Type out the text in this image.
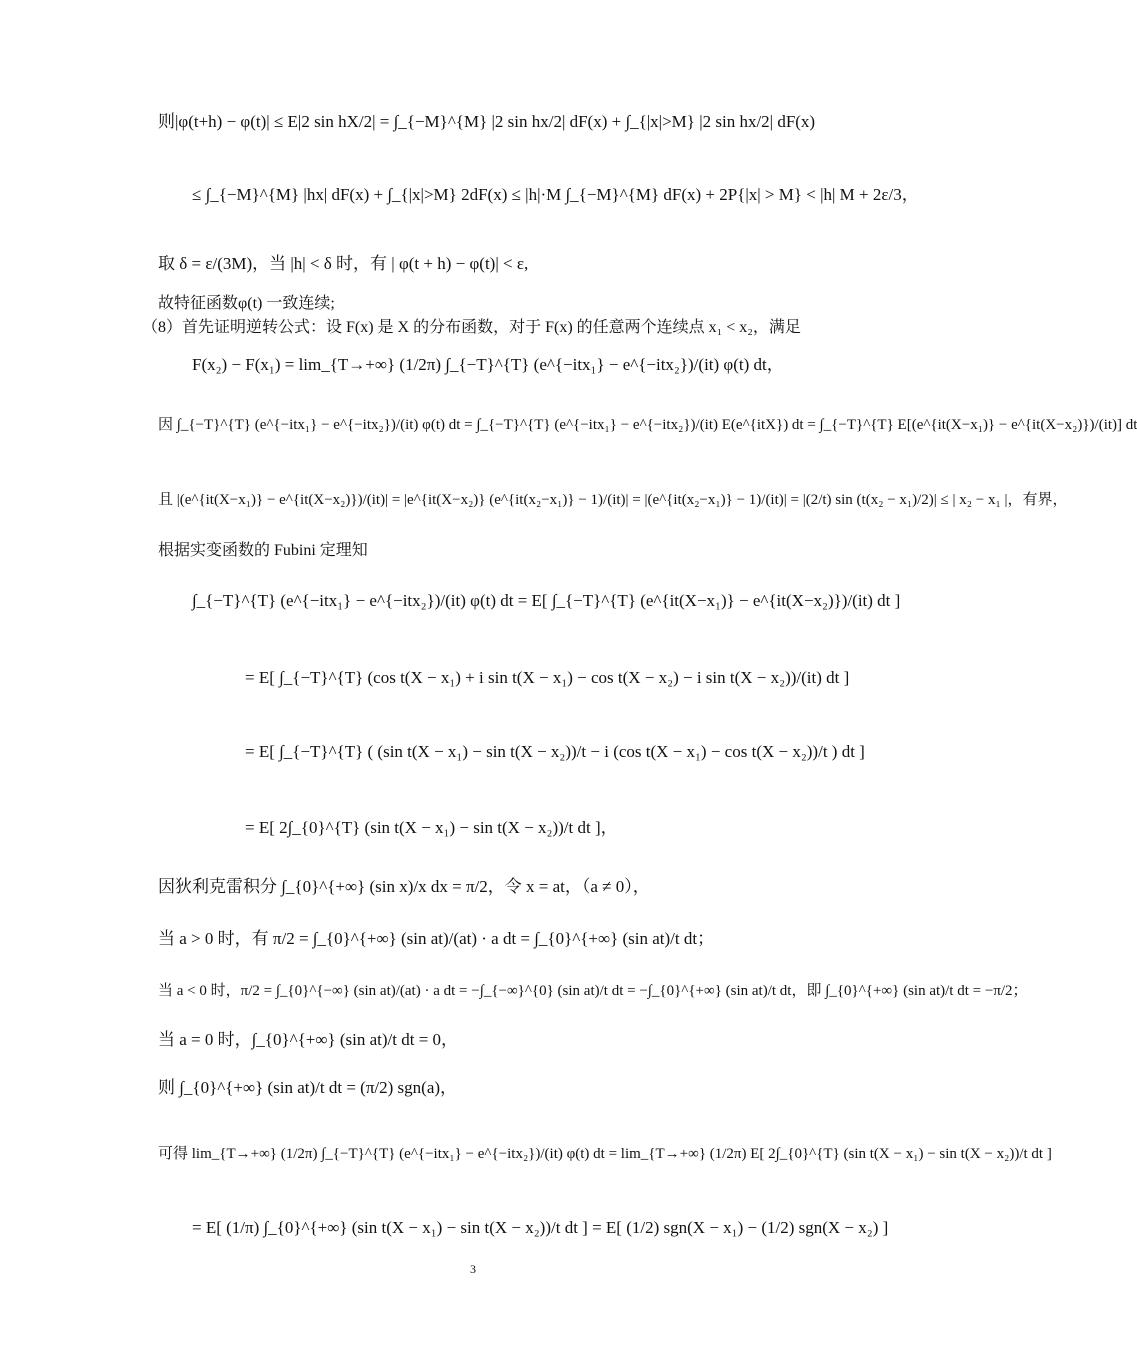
则|φ(t+h) − φ(t)| ≤ E|2 sin hX/2| = ∫_{−M}^{M} |2 sin hx/2| dF(x) + ∫_{|x|>M} |2 sin hx/2| dF(x)
≤ ∫_{−M}^{M} |hx| dF(x) + ∫_{|x|>M} 2dF(x) ≤ |h|·M ∫_{−M}^{M} dF(x) + 2P{|x| > M} < |h| M + 2ε/3，
取 δ = ε/(3M)，当 |h| < δ 时，有 | φ(t + h) − φ(t)| < ε,
故特征函数φ(t) 一致连续;
（8）首先证明逆转公式：设 F(x) 是 X 的分布函数，对于 F(x) 的任意两个连续点 x₁ < x₂，满足
F(x₂) − F(x₁) = lim_{T→+∞} (1/2π) ∫_{−T}^{T} (e^{−itx₁} − e^{−itx₂})/(it) φ(t) dt，
因 ∫_{−T}^{T} (e^{−itx₁} − e^{−itx₂})/(it) φ(t) dt = ∫_{−T}^{T} (e^{−itx₁} − e^{−itx₂})/(it) E(e^{itX}) dt = ∫_{−T}^{T} E[(e^{it(X−x₁)} − e^{it(X−x₂)})/(it)] dt
且 |(e^{it(X−x₁)} − e^{it(X−x₂)})/(it)| = |e^{it(X−x₂)} (e^{it(x₂−x₁)} − 1)/(it)| = |(e^{it(x₂−x₁)} − 1)/(it)| = |(2/t) sin (t(x₂ − x₁)/2)| ≤ | x₂ − x₁ |，有界，
根据实变函数的 Fubini 定理知
∫_{−T}^{T} (e^{−itx₁} − e^{−itx₂})/(it) φ(t) dt = E[ ∫_{−T}^{T} (e^{it(X−x₁)} − e^{it(X−x₂)})/(it) dt ]
= E[ ∫_{−T}^{T} (cos t(X − x₁) + i sin t(X − x₁) − cos t(X − x₂) − i sin t(X − x₂))/(it) dt ]
= E[ ∫_{−T}^{T} ( (sin t(X − x₁) − sin t(X − x₂))/t − i (cos t(X − x₁) − cos t(X − x₂))/t ) dt ]
= E[ 2∫_{0}^{T} (sin t(X − x₁) − sin t(X − x₂))/t dt ]，
因狄利克雷积分 ∫_{0}^{+∞} (sin x)/x dx = π/2，令 x = at，（a ≠ 0），
当 a > 0 时，有 π/2 = ∫_{0}^{+∞} (sin at)/(at) · a dt = ∫_{0}^{+∞} (sin at)/t dt；
当 a < 0 时，π/2 = ∫_{0}^{−∞} (sin at)/(at) · a dt = −∫_{−∞}^{0} (sin at)/t dt = −∫_{0}^{+∞} (sin at)/t dt，即 ∫_{0}^{+∞} (sin at)/t dt = −π/2；
当 a = 0 时，∫_{0}^{+∞} (sin at)/t dt = 0，
则 ∫_{0}^{+∞} (sin at)/t dt = (π/2) sgn(a)，
可得 lim_{T→+∞} (1/2π) ∫_{−T}^{T} (e^{−itx₁} − e^{−itx₂})/(it) φ(t) dt = lim_{T→+∞} (1/2π) E[ 2∫_{0}^{T} (sin t(X − x₁) − sin t(X − x₂))/t dt ]
= E[ (1/π) ∫_{0}^{+∞} (sin t(X − x₁) − sin t(X − x₂))/t dt ] = E[ (1/2) sgn(X − x₁) − (1/2) sgn(X − x₂) ]
3
